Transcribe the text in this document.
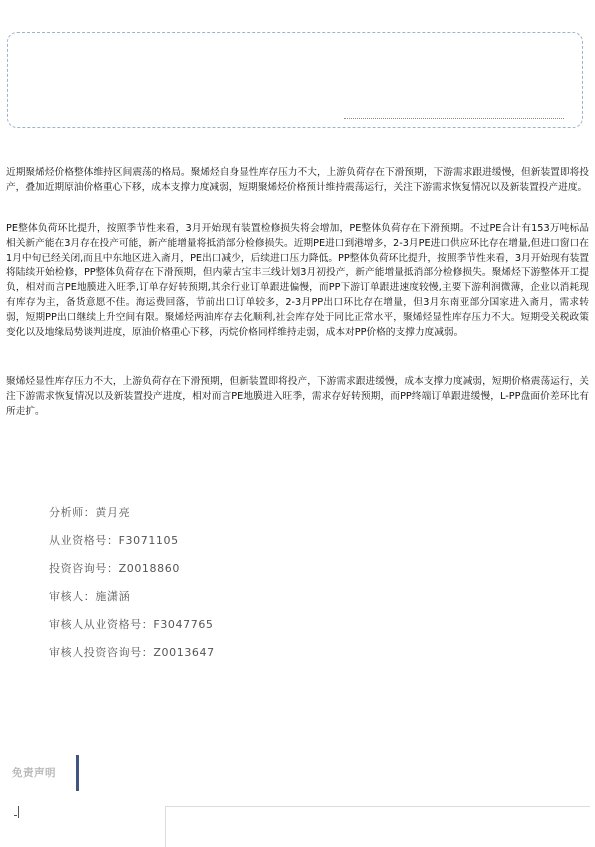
近期聚烯烃价格整体维持区间震荡的格局。聚烯烃自身显性库存压力不大，上游负荷存在下滑预期，下游需求跟进缓慢，但新装置即将投产，叠加近期原油价格重心下移，成本支撑力度减弱，短期聚烯烃价格预计维持震荡运行，关注下游需求恢复情况以及新装置投产进度。

PE整体负荷环比提升，按照季节性来看，3月开始现有装置检修损失将会增加，PE整体负荷存在下滑预期。不过PE合计有153万吨标品相关新产能在3月存在投产可能，新产能增量将抵消部分检修损失。近期PE进口到港增多，2-3月PE进口供应环比存在增量,但进口窗口在1月中旬已经关闭,而且中东地区进入斋月，PE出口减少，后续进口压力降低。PP整体负荷环比提升，按照季节性来看，3月开始现有装置将陆续开始检修，PP整体负荷存在下滑预期，但内蒙古宝丰三线计划3月初投产，新产能增量抵消部分检修损失。聚烯烃下游整体开工提负，相对而言PE地膜进入旺季,订单存好转预期,其余行业订单跟进偏慢，而PP下游订单跟进速度较慢,主要下游利润微薄，企业以消耗现有库存为主，备货意愿不佳。海运费回落，节前出口订单较多，2-3月PP出口环比存在增量，但3月东南亚部分国家进入斋月，需求转弱，短期PP出口继续上升空间有限。聚烯烃两油库存去化顺利,社会库存处于同比正常水平，聚烯烃显性库存压力不大。短期受关税政策变化以及地缘局势谈判进度，原油价格重心下移，丙烷价格同样维持走弱，成本对PP价格的支撑力度减弱。

聚烯烃显性库存压力不大，上游负荷存在下滑预期，但新装置即将投产，下游需求跟进缓慢，成本支撑力度减弱，短期价格震荡运行，关注下游需求恢复情况以及新装置投产进度，相对而言PE地膜进入旺季，需求存好转预期，而PP终端订单跟进缓慢，L-PP盘面价差环比有所走扩。

分析师：黄月亮

从业资格号：F3071105

投资咨询号：Z0018860

审核人：施潇涵

审核人从业资格号：F3047765

审核人投资咨询号：Z0013647

免责声明
